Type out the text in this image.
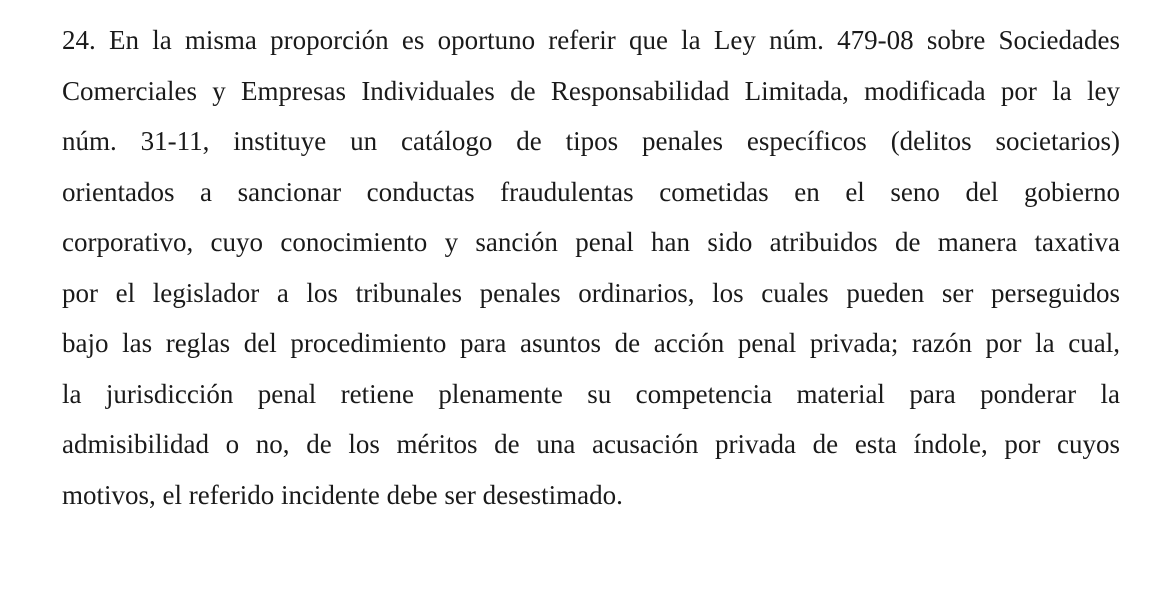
24. En la misma proporción es oportuno referir que la Ley núm. 479-08 sobre Sociedades
Comerciales y Empresas Individuales de Responsabilidad Limitada, modificada por la ley
núm. 31-11, instituye un catálogo de tipos penales específicos (delitos societarios)
orientados a sancionar conductas fraudulentas cometidas en el seno del gobierno
corporativo, cuyo conocimiento y sanción penal han sido atribuidos de manera taxativa
por el legislador a los tribunales penales ordinarios, los cuales pueden ser perseguidos
bajo las reglas del procedimiento para asuntos de acción penal privada; razón por la cual,
la jurisdicción penal retiene plenamente su competencia material para ponderar la
admisibilidad o no, de los méritos de una acusación privada de esta índole, por cuyos
motivos, el referido incidente debe ser desestimado.
